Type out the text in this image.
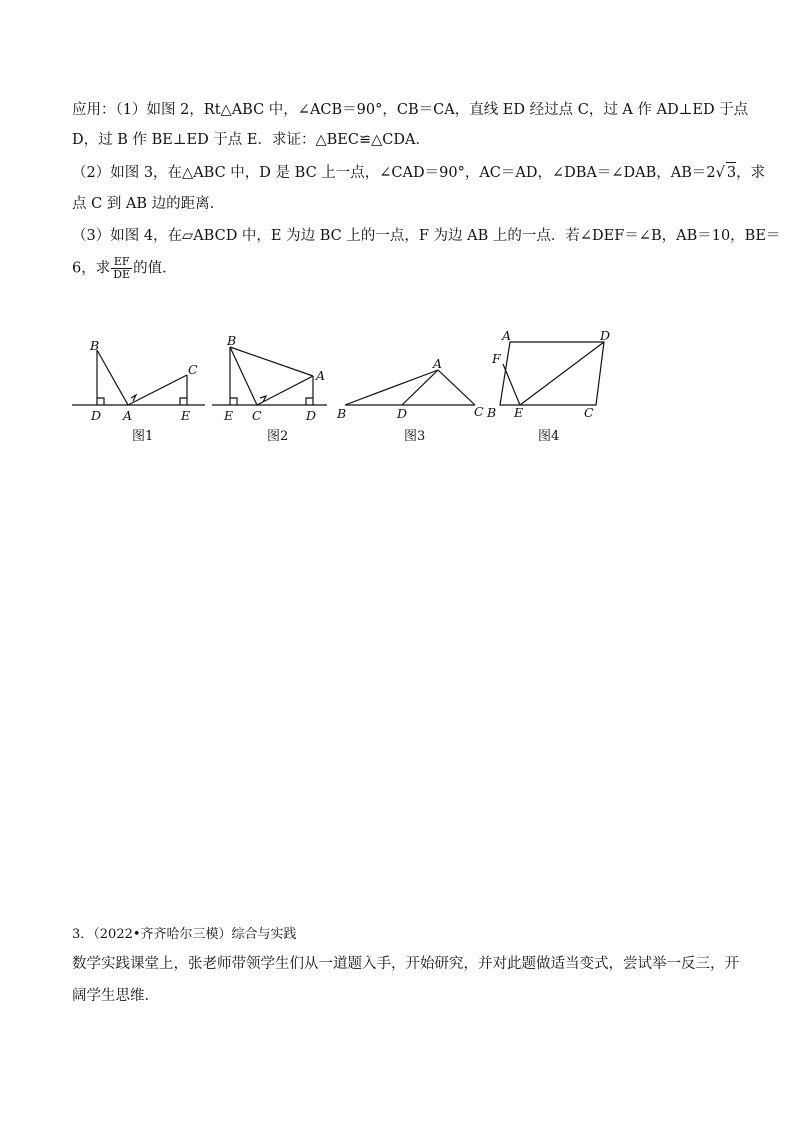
应用：（1）如图 2，Rt△ABC 中，∠ACB＝90°，CB＝CA，直线 ED 经过点 C，过 A 作 AD⊥ED 于点
D，过 B 作 BE⊥ED 于点 E．求证：△BEC≌△CDA．
（2）如图 3，在△ABC 中，D 是 BC 上一点，∠CAD＝90°，AC＝AD，∠DBA＝∠DAB，AB＝2√ 3，求
点 C 到 AB 边的距离．
（3）如图 4，在▱ABCD 中，E 为边 BC 上的一点，F 为边 AB 上的一点．若∠DEF＝∠B，AB＝10，BE＝
6，求 $\frac{EF}{DE}$ 的值．
B
C
D A	E
B
A
E C	D
A
B	D	C
A	D
F
B E	C
图1	图2	图3	图4
3．（2022•齐齐哈尔三模）综合与实践
数学实践课堂上，张老师带领学生们从一道题入手，开始研究，并对此题做适当变式，尝试举一反三，开
阔学生思维．
